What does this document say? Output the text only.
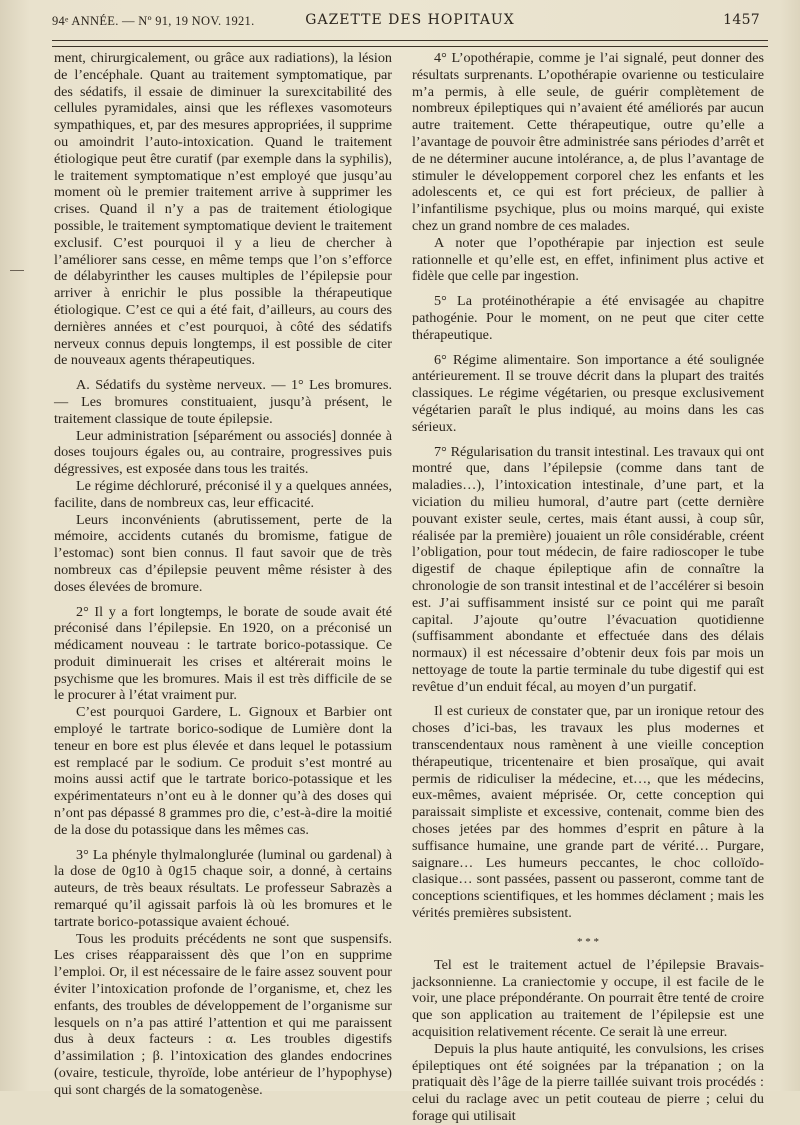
94ᵉ ANNÉE. — Nº 91, 19 NOV. 1921.	GAZETTE DES HOPITAUX	1457

ment, chirurgicalement, ou grâce aux radiations), la lésion de l’encéphale. Quant au traitement symptomatique, par des sédatifs, il essaie de diminuer la surexcitabilité des cellules pyramidales, ainsi que les réflexes vasomoteurs sympathiques, et, par des mesures appropriées, il supprime ou amoindrit l’auto-intoxication. Quand le traitement étiologique peut être curatif (par exemple dans la syphilis), le traitement symptomatique n’est employé que jusqu’au moment où le premier traitement arrive à supprimer les crises. Quand il n’y a pas de traitement étiologique possible, le traitement symptomatique devient le traitement exclusif. C’est pourquoi il y a lieu de chercher à l’améliorer sans cesse, en même temps que l’on s’efforce de délabyrinther les causes multiples de l’épilepsie pour arriver à enrichir le plus possible la thérapeutique étiologique. C’est ce qui a été fait, d’ailleurs, au cours des dernières années et c’est pourquoi, à côté des sédatifs nerveux connus depuis longtemps, il est possible de citer de nouveaux agents thérapeutiques.

A. Sédatifs du système nerveux. — 1° Les bromures. — Les bromures constituaient, jusqu’à présent, le traitement classique de toute épilepsie.

Leur administration [séparément ou associés] donnée à doses toujours égales ou, au contraire, progressives puis dégressives, est exposée dans tous les traités.

Le régime déchloruré, préconisé il y a quelques années, facilite, dans de nombreux cas, leur efficacité.

Leurs inconvénients (abrutissement, perte de la mémoire, accidents cutanés du bromisme, fatigue de l’estomac) sont bien connus. Il faut savoir que de très nombreux cas d’épilepsie peuvent même résister à des doses élevées de bromure.

2° Il y a fort longtemps, le borate de soude avait été préconisé dans l’épilepsie. En 1920, on a préconisé un médicament nouveau : le tartrate borico-potassique. Ce produit diminuerait les crises et altérerait moins le psychisme que les bromures. Mais il est très difficile de se le procurer à l’état vraiment pur.

C’est pourquoi Gardere, L. Gignoux et Barbier ont employé le tartrate borico-sodique de Lumière dont la teneur en bore est plus élevée et dans lequel le potassium est remplacé par le sodium. Ce produit s’est montré au moins aussi actif que le tartrate borico-potassique et les expérimentateurs n’ont eu à le donner qu’à des doses qui n’ont pas dépassé 8 grammes pro die, c’est-à-dire la moitié de la dose du potassique dans les mêmes cas.

3° La phényle thylmalonglurée (luminal ou gardenal) à la dose de 0g10 à 0g15 chaque soir, a donné, à certains auteurs, de très beaux résultats. Le professeur Sabrazès a remarqué qu’il agissait parfois là où les bromures et le tartrate borico-potassique avaient échoué.

Tous les produits précédents ne sont que suspensifs. Les crises réapparaissent dès que l’on en supprime l’emploi. Or, il est nécessaire de le faire assez souvent pour éviter l’intoxication profonde de l’organisme, et, chez les enfants, des troubles de développement de l’organisme sur lesquels on n’a pas attiré l’attention et qui me paraissent dus à deux facteurs : α. Les troubles digestifs d’assimilation ; β. l’intoxication des glandes endocrines (ovaire, testicule, thyroïde, lobe antérieur de l’hypophyse) qui sont chargés de la somatogenèse.

4° L’opothérapie, comme je l’ai signalé, peut donner des résultats surprenants. L’opothérapie ovarienne ou testiculaire m’a permis, à elle seule, de guérir complètement de nombreux épileptiques qui n’avaient été améliorés par aucun autre traitement. Cette thérapeutique, outre qu’elle a l’avantage de pouvoir être administrée sans périodes d’arrêt et de ne déterminer aucune intolérance, a, de plus l’avantage de stimuler le développement corporel chez les enfants et les adolescents et, ce qui est fort précieux, de pallier à l’infantilisme psychique, plus ou moins marqué, qui existe chez un grand nombre de ces malades.

A noter que l’opothérapie par injection est seule rationnelle et qu’elle est, en effet, infiniment plus active et fidèle que celle par ingestion.

5° La protéinothérapie a été envisagée au chapitre pathogénie. Pour le moment, on ne peut que citer cette thérapeutique.

6° Régime alimentaire. Son importance a été soulignée antérieurement. Il se trouve décrit dans la plupart des traités classiques. Le régime végétarien, ou presque exclusivement végétarien paraît le plus indiqué, au moins dans les cas sérieux.

7° Régularisation du transit intestinal. Les travaux qui ont montré que, dans l’épilepsie (comme dans tant de maladies…), l’intoxication intestinale, d’une part, et la viciation du milieu humoral, d’autre part (cette dernière pouvant exister seule, certes, mais étant aussi, à coup sûr, réalisée par la première) jouaient un rôle considérable, créent l’obligation, pour tout médecin, de faire radioscoper le tube digestif de chaque épileptique afin de connaître la chronologie de son transit intestinal et de l’accélérer si besoin est. J’ai suffisamment insisté sur ce point qui me paraît capital. J’ajoute qu’outre l’évacuation quotidienne (suffisamment abondante et effectuée dans des délais normaux) il est nécessaire d’obtenir deux fois par mois un nettoyage de toute la partie terminale du tube digestif qui est revêtue d’un enduit fécal, au moyen d’un purgatif.

Il est curieux de constater que, par un ironique retour des choses d’ici-bas, les travaux les plus modernes et transcendentaux nous ramènent à une vieille conception thérapeutique, tricentenaire et bien prosaïque, qui avait permis de ridiculiser la médecine, et…, que les médecins, eux-mêmes, avaient méprisée. Or, cette conception qui paraissait simpliste et excessive, contenait, comme bien des choses jetées par des hommes d’esprit en pâture à la suffisance humaine, une grande part de vérité… Purgare, saignare… Les humeurs peccantes, le choc colloïdo-clasique… sont passées, passent ou passeront, comme tant de conceptions scientifiques, et les hommes déclament ; mais les vérités premières subsistent.

* * *

Tel est le traitement actuel de l’épilepsie Bravais-jacksonnienne. La craniectomie y occupe, il est facile de le voir, une place prépondérante. On pourrait être tenté de croire que son application au traitement de l’épilepsie est une acquisition relativement récente. Ce serait là une erreur.

Depuis la plus haute antiquité, les convulsions, les crises épileptiques ont été soignées par la trépanation ; on la pratiquait dès l’âge de la pierre taillée suivant trois procédés : celui du raclage avec un petit couteau de pierre ; celui du forage qui utilisait
